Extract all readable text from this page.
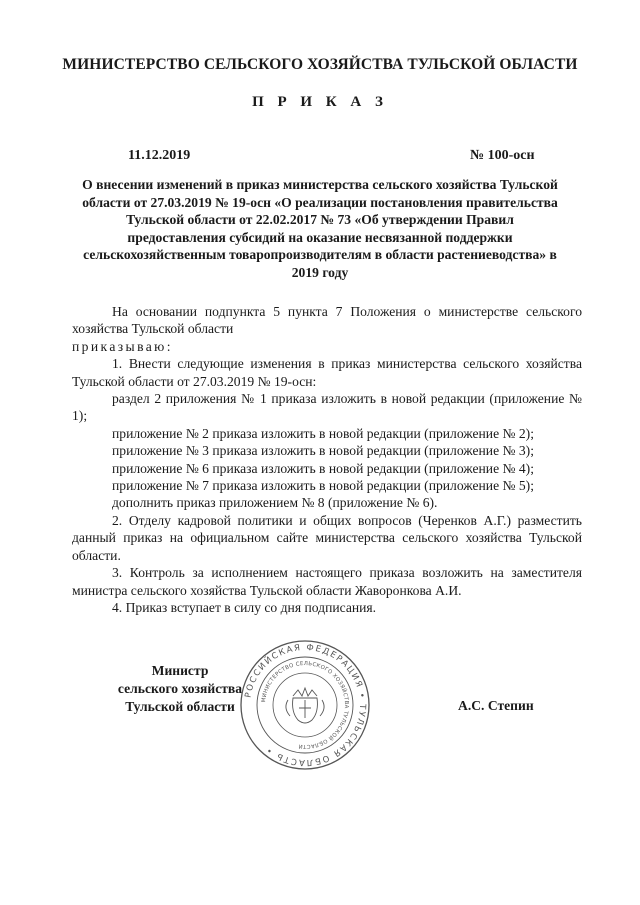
МИНИСТЕРСТВО СЕЛЬСКОГО ХОЗЯЙСТВА ТУЛЬСКОЙ ОБЛАСТИ
П Р И К А З
11.12.2019	№ 100-осн
О внесении изменений в приказ министерства сельского хозяйства Тульской области от 27.03.2019 № 19-осн «О реализации постановления правительства Тульской области от 22.02.2017 № 73 «Об утверждении Правил предоставления субсидий на оказание несвязанной поддержки сельскохозяйственным товаропроизводителям в области растениеводства» в 2019 году

На основании подпункта 5 пункта 7 Положения о министерстве сельского хозяйства Тульской области

приказываю:

1. Внести следующие изменения в приказ министерства сельского хозяйства Тульской области от 27.03.2019 № 19-осн:

раздел 2 приложения № 1 приказа изложить в новой редакции (приложение № 1);

приложение № 2 приказа изложить в новой редакции (приложение № 2);

приложение № 3 приказа изложить в новой редакции (приложение № 3);

приложение № 6 приказа изложить в новой редакции (приложение № 4);

приложение № 7 приказа изложить в новой редакции (приложение № 5);

дополнить приказ приложением № 8 (приложение № 6).

2. Отделу кадровой политики и общих вопросов (Черенков А.Г.) разместить данный приказ на официальном сайте министерства сельского хозяйства Тульской области.

3. Контроль за исполнением настоящего приказа возложить на заместителя министра сельского хозяйства Тульской области Жаворонкова А.И.

4. Приказ вступает в силу со дня подписания.

Министр
сельского хозяйства
Тульской области	А.С. Степин
РОССИЙСКАЯ ФЕДЕРАЦИЯ • ТУЛЬСКАЯ ОБЛАСТЬ •
МИНИСТЕРСТВО СЕЛЬСКОГО ХОЗЯЙСТВА ТУЛЬСКОЙ ОБЛАСТИ
